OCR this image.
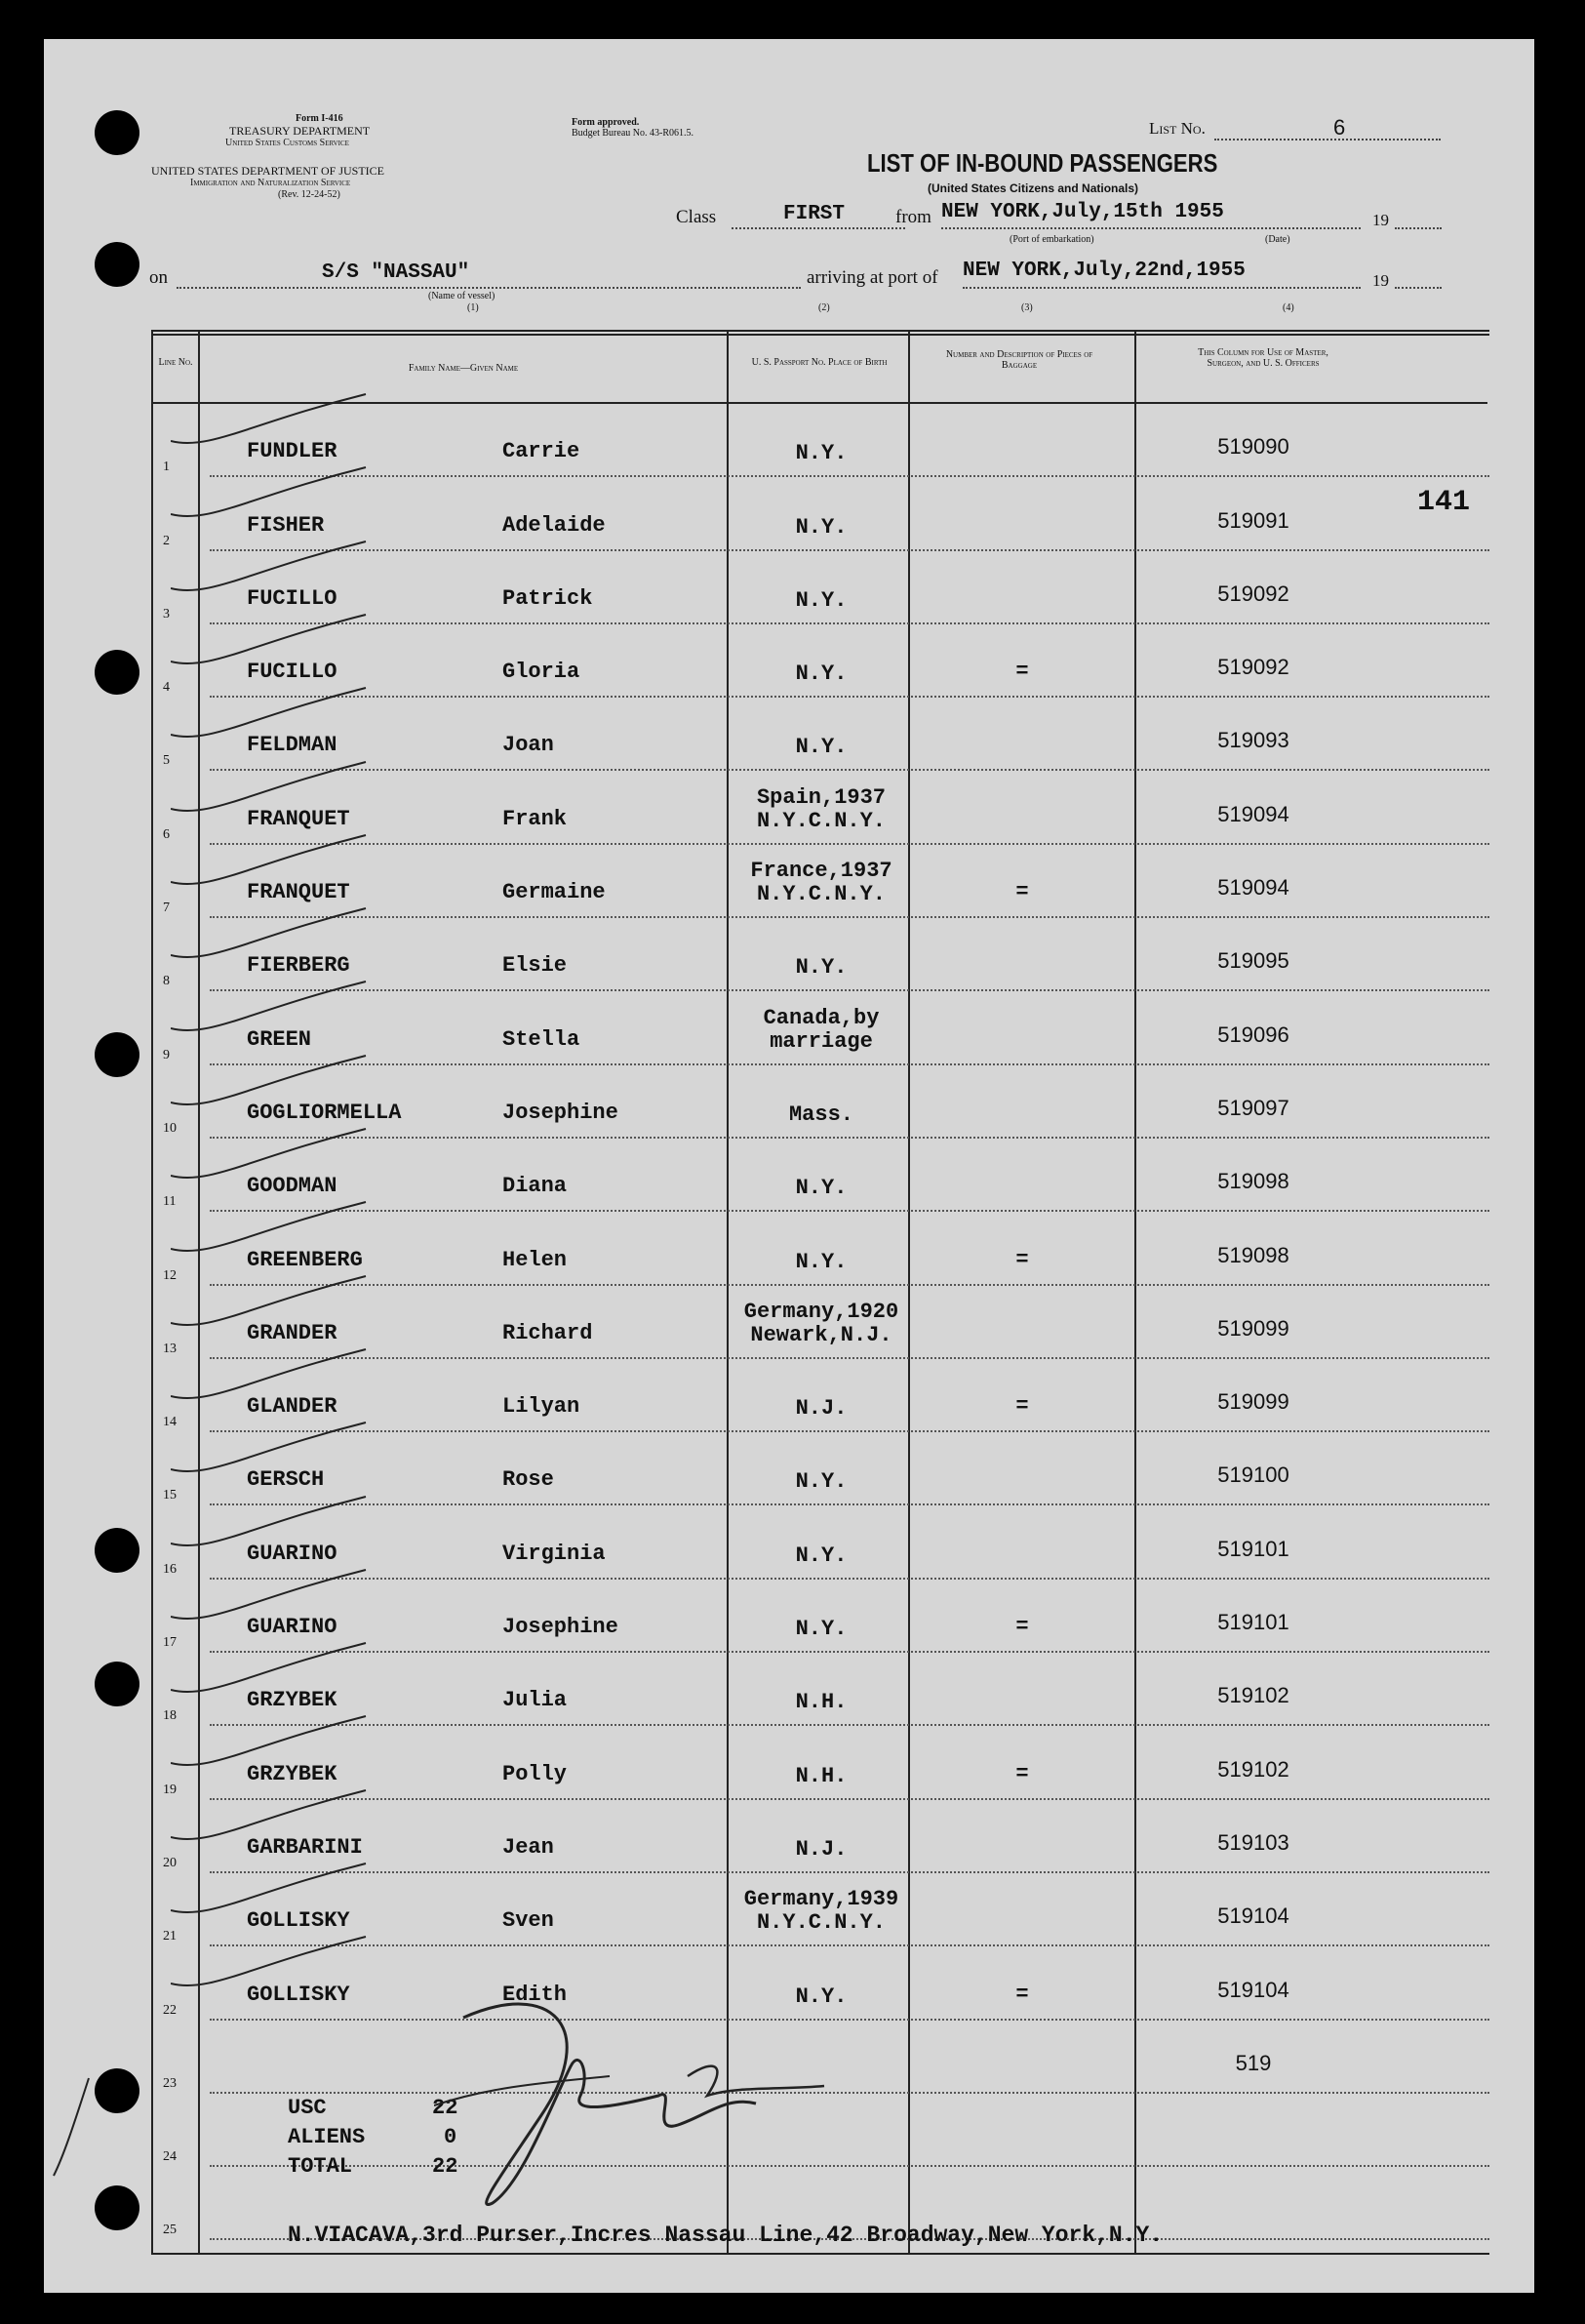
Form I-416
TREASURY DEPARTMENT
United States Customs Service
UNITED STATES DEPARTMENT OF JUSTICE
Immigration and Naturalization Service
(Rev. 12-24-52)
Form approved.
Budget Bureau No. 43-R061.5.	List No.	6
LIST OF IN-BOUND PASSENGERS
(United States Citizens and Nationals)
Class	FIRST	from NEW YORK,July,15th 1955	19
(Port of embarkation)	(Date)
on	S/S "NASSAU"
(Name of vessel)
(1)
arriving at port of NEW YORK,July,22nd,1955	19
(2)	(3)	(4)
141
Line No.
Family Name—Given Name
U. S. Passport No. Place of Birth
Number and Description of Pieces of Baggage
This Column for Use of Master, Surgeon, and U. S. Officers
1
FUNDLER	Carrie	N.Y.	519090
2
FISHER	Adelaide	N.Y.	519091
3
FUCILLO	Patrick	N.Y.	519092
4
FUCILLO	Gloria	N.Y.	=	519092
5
FELDMAN	Joan	N.Y.	519093
6
FRANQUET	Frank
Spain,1937
N.Y.C.N.Y.	519094
7
FRANQUET	Germaine
France,1937
N.Y.C.N.Y.	=	519094
8
FIERBERG	Elsie	N.Y.	519095
9
GREEN	Stella
Canada,by
marriage	519096
10
GOGLIORMELLA	Josephine	Mass.	519097
11
GOODMAN	Diana	N.Y.	519098
12
GREENBERG	Helen	N.Y.	=	519098
13
GRANDER	Richard
Germany,1920
Newark,N.J.	519099
14
GLANDER	Lilyan	N.J.	=	519099
15
GERSCH	Rose	N.Y.	519100
16
GUARINO	Virginia	N.Y.	519101
17
GUARINO	Josephine	N.Y.	=	519101
18
GRZYBEK	Julia	N.H.	519102
19
GRZYBEK	Polly	N.H.	=	519102
20
GARBARINI	Jean	N.J.	519103
21
GOLLISKY	Sven
Germany,1939
N.Y.C.N.Y.	519104
22
GOLLISKY	Edith	N.Y.	=	519104
23
519
24
25
USC	22
ALIENS	0
TOTAL	22
N.VIACAVA,3rd Purser,Incres Nassau Line,42 Broadway,New York,N.Y.
